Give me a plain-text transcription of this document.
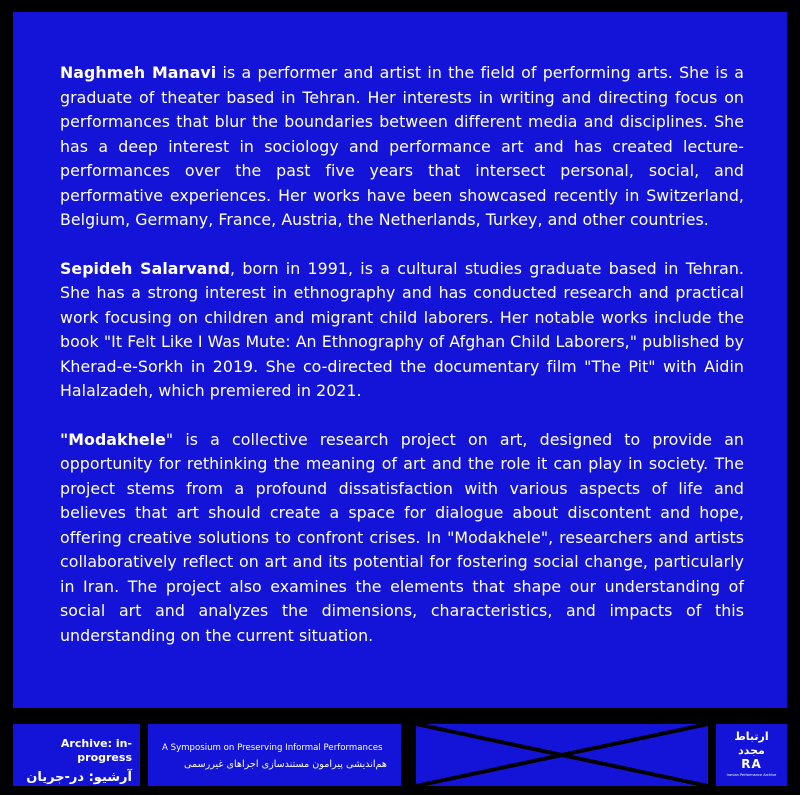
Naghmeh Manavi is a performer and artist in the field of performing arts. She is a graduate of theater based in Tehran. Her interests in writing and directing focus on performances that blur the boundaries between different media and disciplines. She has a deep interest in sociology and performance art and has created lecture-performances over the past five years that intersect personal, social, and performative experiences. Her works have been showcased recently in Switzerland, Belgium, Germany, France, Austria, the Netherlands, Turkey, and other countries.

Sepideh Salarvand, born in 1991, is a cultural studies graduate based in Tehran. She has a strong interest in ethnography and has conducted research and practical work focusing on children and migrant child laborers. Her notable works include the book "It Felt Like I Was Mute: An Ethnography of Afghan Child Laborers," published by Kherad-e-Sorkh in 2019. She co-directed the documentary film "The Pit" with Aidin Halalzadeh, which premiered in 2021.

"Modakhele" is a collective research project on art, designed to provide an opportunity for rethinking the meaning of art and the role it can play in society. The project stems from a profound dissatisfaction with various aspects of life and believes that art should create a space for dialogue about discontent and hope, offering creative solutions to confront crises. In "Modakhele", researchers and artists collaboratively reflect on art and its potential for fostering social change, particularly in Iran. The project also examines the elements that shape our understanding of social art and analyzes the dimensions, characteristics, and impacts of this understanding on the current situation.

Archive: in-progress
آرشیو: در-جریان
A Symposium on Preserving Informal Performances
هم‌اندیشی پیرامون مستندسازی اجراهای غیررسمی
ارتباط
مجدد
RA
Iranian Performance Archive
